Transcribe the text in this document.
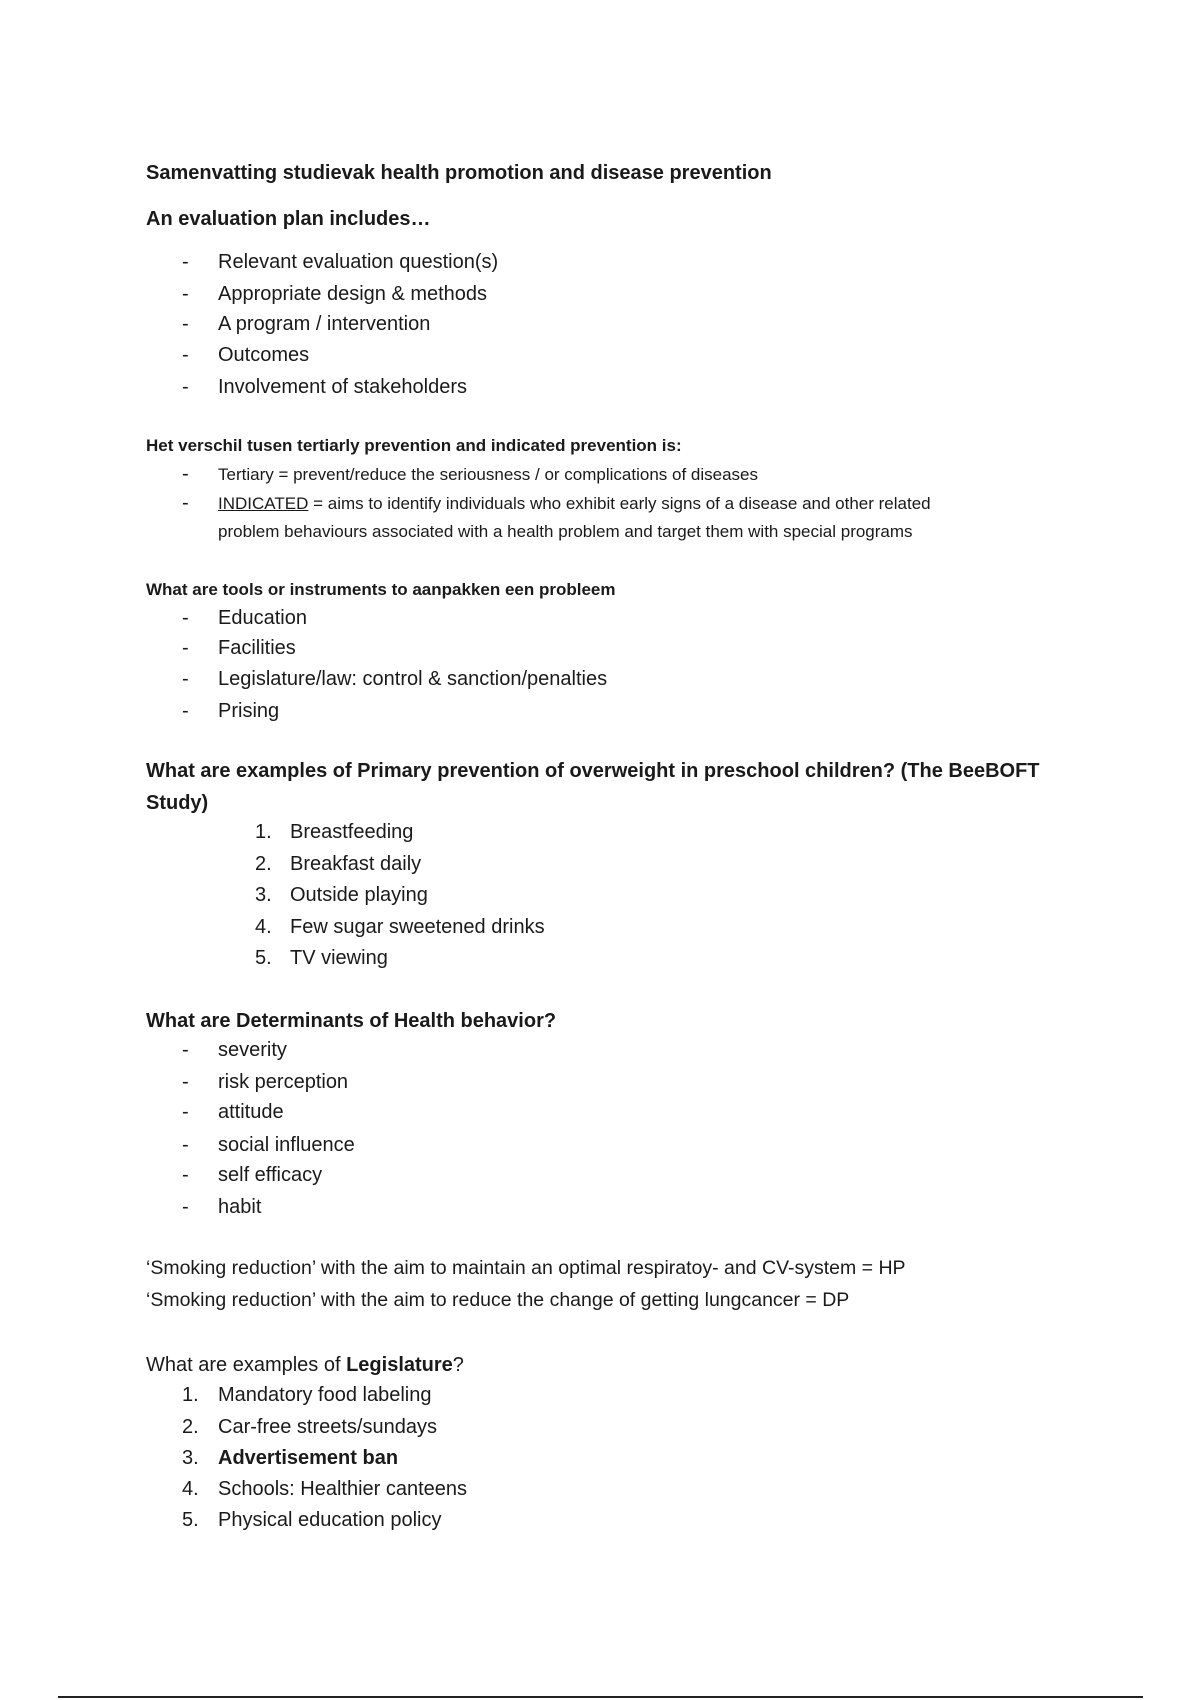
Samenvatting studievak health promotion and disease prevention
An evaluation plan includes…
- Relevant evaluation question(s)
- Appropriate design & methods
- A program / intervention
- Outcomes
- Involvement of stakeholders
Het verschil tusen tertiarly prevention and indicated prevention is:
- Tertiary = prevent/reduce the seriousness / or complications of diseases
- INDICATED = aims to identify individuals who exhibit early signs of a disease and other related
problem behaviours associated with a health problem and target them with special programs
What are tools or instruments to aanpakken een probleem
- Education
- Facilities
- Legislature/law: control & sanction/penalties
- Prising
What are examples of Primary prevention of overweight in preschool children? (The BeeBOFT
Study)
1. Breastfeeding
2. Breakfast daily
3. Outside playing
4. Few sugar sweetened drinks
5. TV viewing
What are Determinants of Health behavior?
- severity
- risk perception
- attitude
- social influence
- self efficacy
- habit
‘Smoking reduction’ with the aim to maintain an optimal respiratoy- and CV-system = HP
‘Smoking reduction’ with the aim to reduce the change of getting lungcancer = DP
What are examples of Legislature?
1. Mandatory food labeling
2. Car-free streets/sundays
3. Advertisement ban
4. Schools: Healthier canteens
5. Physical education policy
